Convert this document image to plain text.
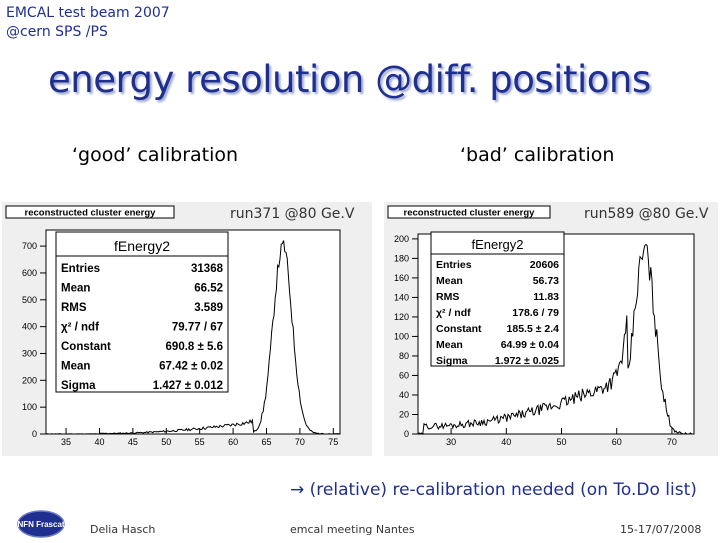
EMCAL test beam 2007
@cern SPS /PS
energy resolution @diff. positions
‘good’ calibration	‘bad’ calibration
reconstructed cluster energy
0
100
200
300
400
500
600
700
35	40	45	50	55	60	65	70	75
fEnergy2
Entries	31368
Mean	66.52
RMS	3.589
χ² / ndf	79.77 / 67
Constant	690.8 ± 5.6
Mean	67.42 ± 0.02
Sigma	1.427 ± 0.012
reconstructed cluster energy
0
20
40
60
80
100
120
140
160
180
200
30	40	50	60	70
fEnergy2
Entries	20606
Mean	56.73
RMS	11.83
χ² / ndf	178.6 / 79
Constant 185.5 ± 2.4
Mean	64.99 ± 0.04
Sigma	1.972 ± 0.025
run371 @80 Ge.V	run589 @80 Ge.V
→ (relative) re-calibration needed (on To.Do list)
INFN Frascati Delia Hasch	emcal meeting Nantes	15-17/07/2008
